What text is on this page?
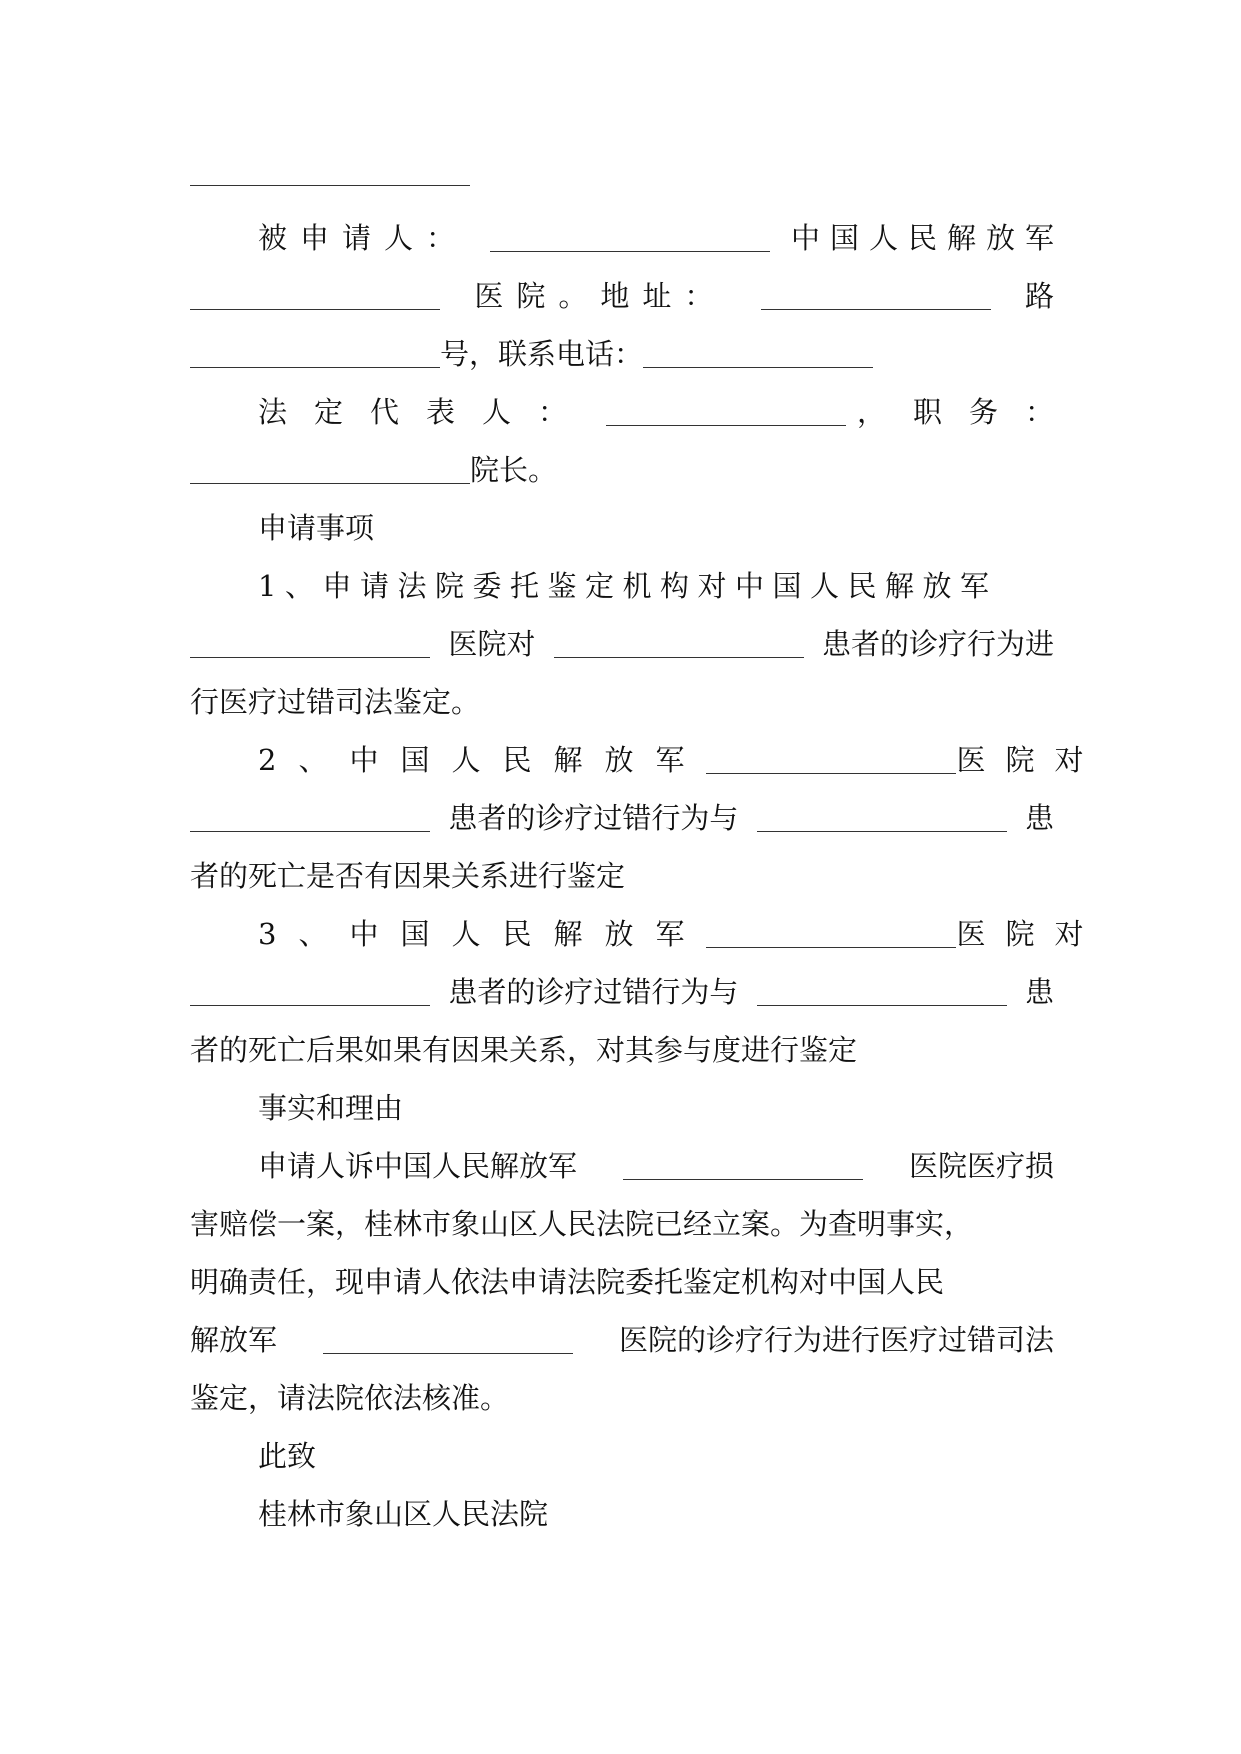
被申请人：	中国人民解放军
医院。地址：	路
号，联系电话：
法定代表人：	，职务：
院长。
申请事项
1、申请法院委托鉴定机构对中国人民解放军
医院对	患者的诊疗行为进
行医疗过错司法鉴定。
2、中国人民解放军	医院对
患者的诊疗过错行为与	患
者的死亡是否有因果关系进行鉴定
3、中国人民解放军	医院对
患者的诊疗过错行为与	患
者的死亡后果如果有因果关系，对其参与度进行鉴定
事实和理由
申请人诉中国人民解放军	医院医疗损
害赔偿一案，桂林市象山区人民法院已经立案。为查明事实，
明确责任，现申请人依法申请法院委托鉴定机构对中国人民
解放军	医院的诊疗行为进行医疗过错司法
鉴定，请法院依法核准。
此致
桂林市象山区人民法院
